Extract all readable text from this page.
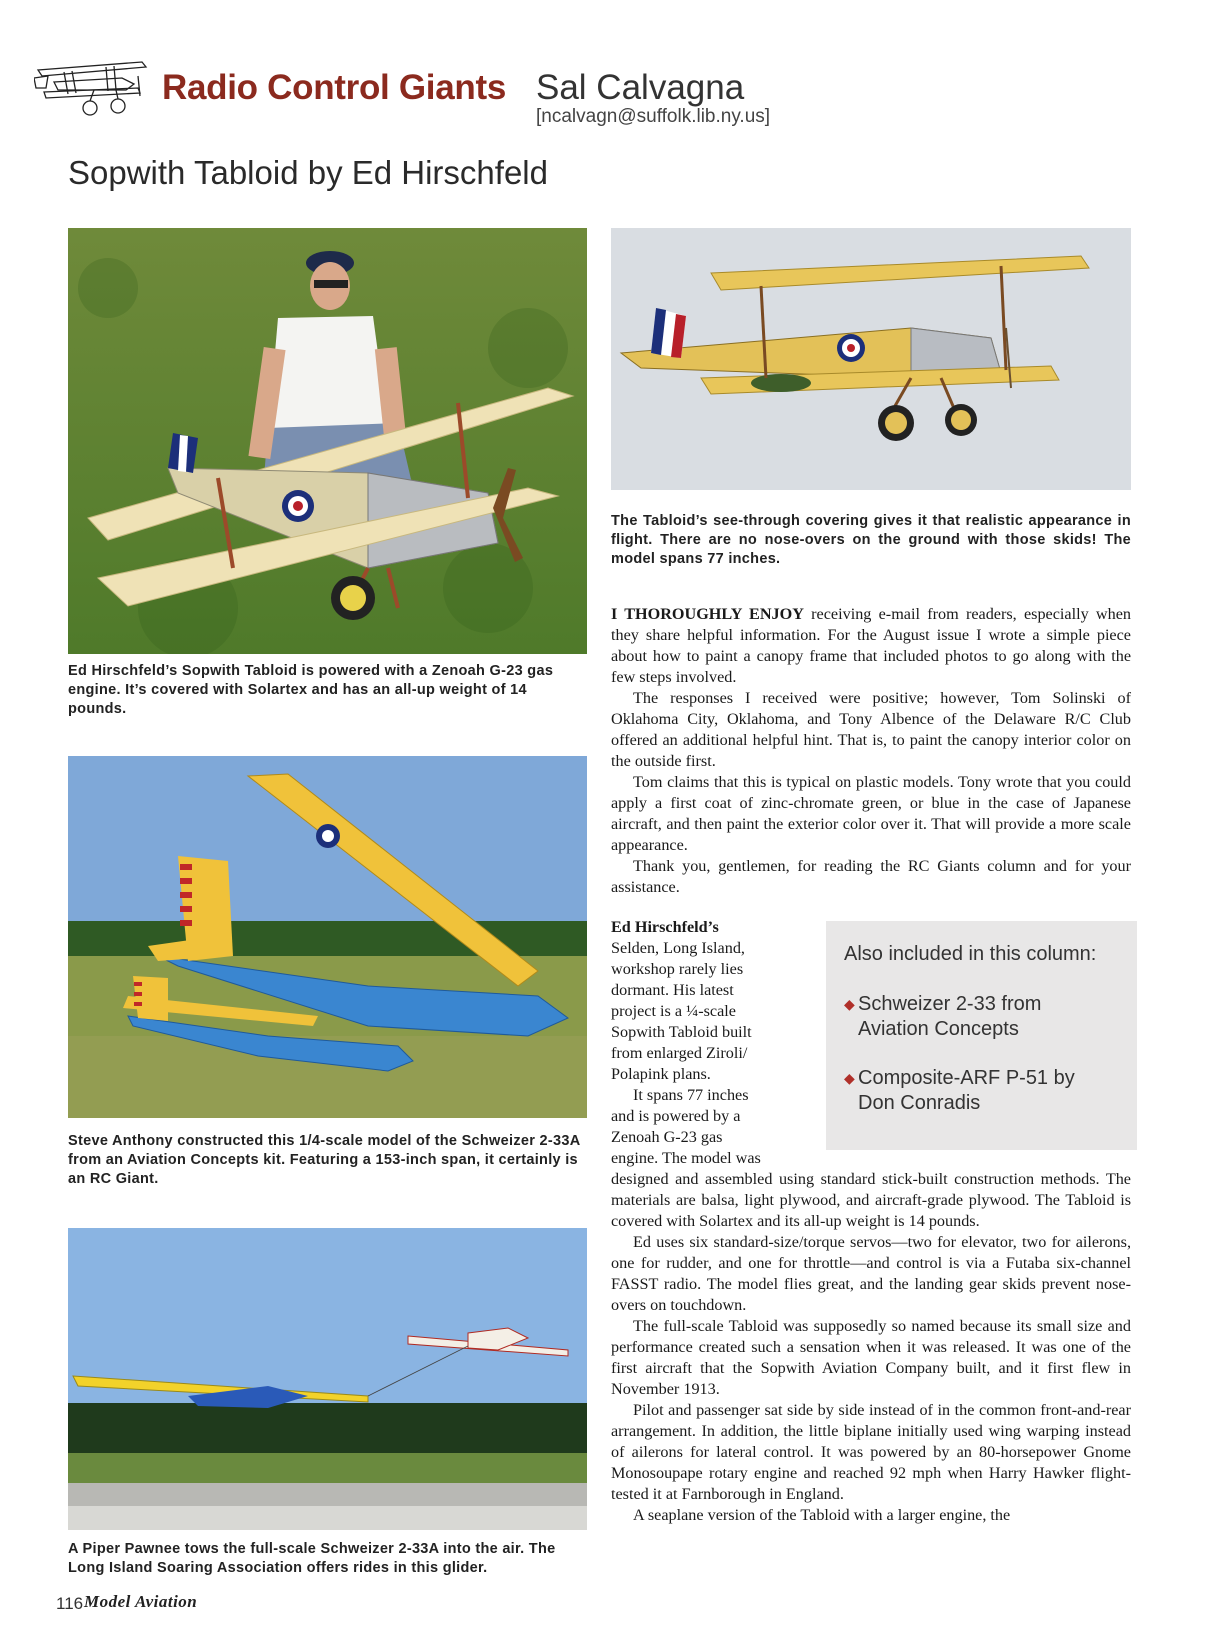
Radio Control Giants Sal Calvagna
[ncalvagn@suffolk.lib.ny.us]
Sopwith Tabloid by Ed Hirschfeld
Ed Hirschfeld’s Sopwith Tabloid is powered with a Zenoah G-23 gas engine. It’s covered with Solartex and has an all-up weight of 14 pounds.
The Tabloid’s see-through covering gives it that realistic appearance in flight. There are no nose-overs on the ground with those skids! The model spans 77 inches.
Steve Anthony constructed this 1/4-scale model of the Schweizer 2-33A from an Aviation Concepts kit. Featuring a 153-inch span, it certainly is an RC Giant.
A Piper Pawnee tows the full-scale Schweizer 2-33A into the air. The Long Island Soaring Association offers rides in this glider.

I THOROUGHLY ENJOY receiving e-mail from readers, especially when they share helpful information. For the August issue I wrote a simple piece about how to paint a canopy frame that included photos to go along with the few steps involved.

The responses I received were positive; however, Tom Solinski of Oklahoma City, Oklahoma, and Tony Albence of the Delaware R/C Club offered an additional helpful hint. That is, to paint the canopy interior color on the outside first.

Tom claims that this is typical on plastic models. Tony wrote that you could apply a first coat of zinc-chromate green, or blue in the case of Japanese aircraft, and then paint the exterior color over it. That will provide a more scale appearance.

Thank you, gentlemen, for reading the RC Giants column and for your assistance.

Ed Hirschfeld’s
Selden, Long Island,
workshop rarely lies
dormant. His latest
project is a ¼-scale
Sopwith Tabloid built
from enlarged Ziroli/
Polapink plans.
It spans 77 inches
and is powered by a
Zenoah G-23 gas
engine. The model was
Also included in this column:
◆ Schweizer 2-33 from
Aviation Concepts
◆ Composite-ARF P-51 by
Don Conradis

designed and assembled using standard stick-built construction methods. The materials are balsa, light plywood, and aircraft-grade plywood. The Tabloid is covered with Solartex and its all-up weight is 14 pounds.

Ed uses six standard-size/torque servos—two for elevator, two for ailerons, one for rudder, and one for throttle—and control is via a Futaba six-channel FASST radio. The model flies great, and the landing gear skids prevent nose-overs on touchdown.

The full-scale Tabloid was supposedly so named because its small size and performance created such a sensation when it was released. It was one of the first aircraft that the Sopwith Aviation Company built, and it first flew in November 1913.

Pilot and passenger sat side by side instead of in the common front-and-rear arrangement. In addition, the little biplane initially used wing warping instead of ailerons for lateral control. It was powered by an 80-horsepower Gnome Monosoupape rotary engine and reached 92 mph when Harry Hawker flight-tested it at Farnborough in England.

A seaplane version of the Tabloid with a larger engine, the

116 Model Aviation
